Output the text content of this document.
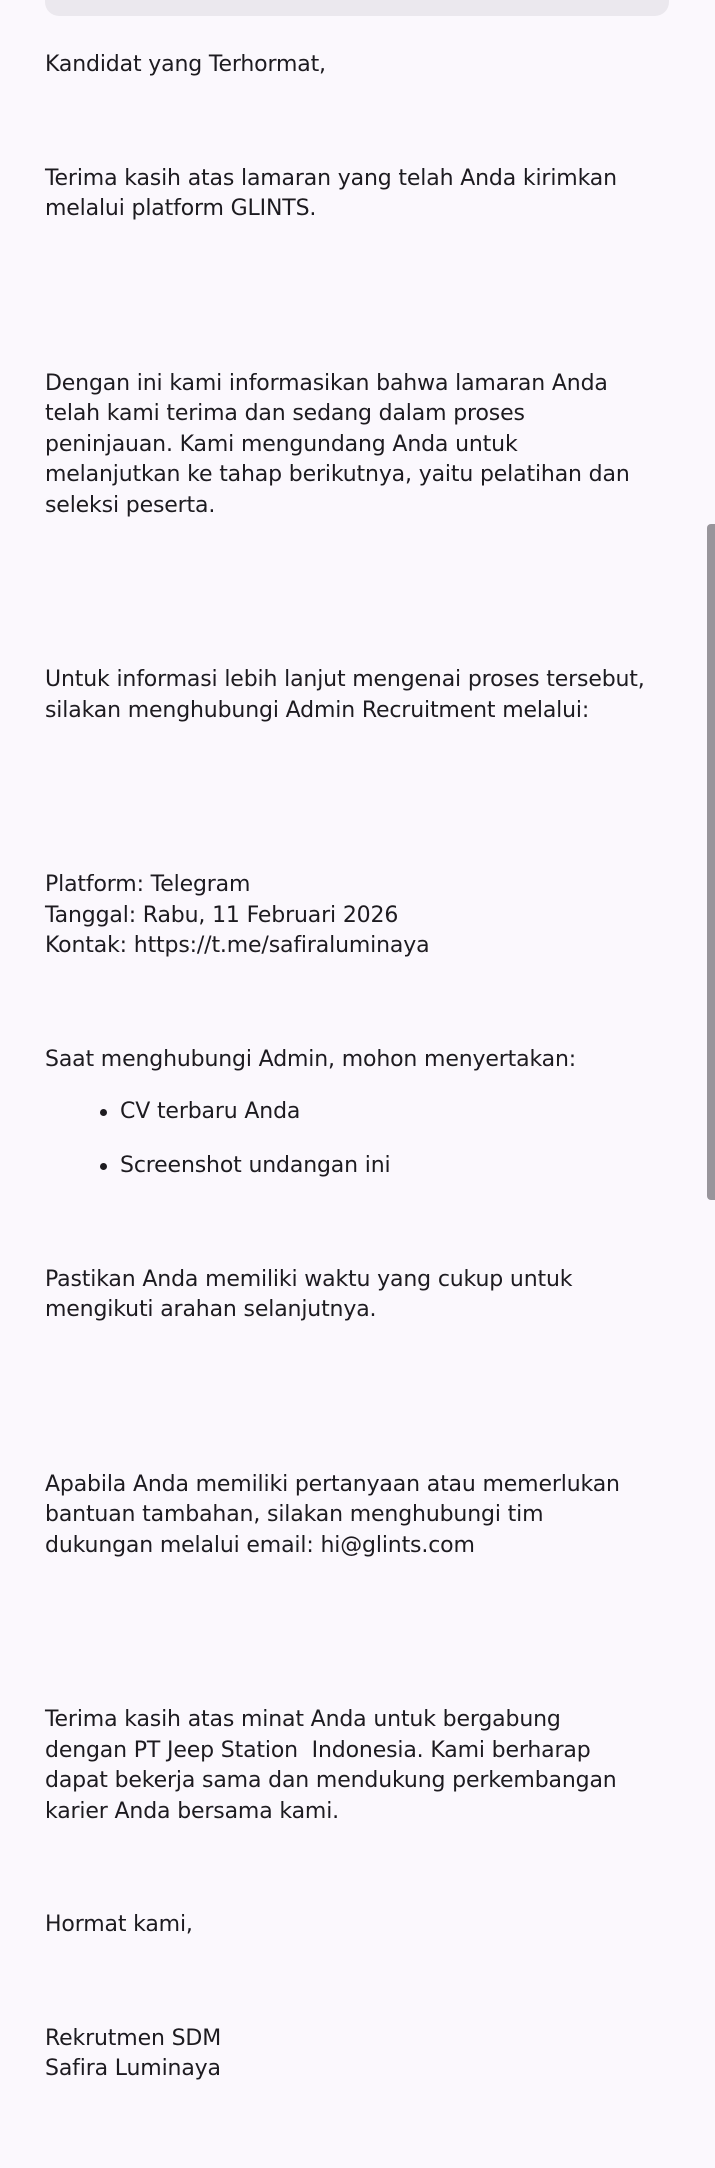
Kandidat yang Terhormat,

Terima kasih atas lamaran yang telah Anda kirimkan
melalui platform GLINTS.

Dengan ini kami informasikan bahwa lamaran Anda
telah kami terima dan sedang dalam proses
peninjauan. Kami mengundang Anda untuk
melanjutkan ke tahap berikutnya, yaitu pelatihan dan
seleksi peserta.

Untuk informasi lebih lanjut mengenai proses tersebut,
silakan menghubungi Admin Recruitment melalui:

Platform: Telegram
Tanggal: Rabu, 11 Februari 2026
Kontak: https://t.me/safiraluminaya

Saat menghubungi Admin, mohon menyertakan:

CV terbaru Anda
Screenshot undangan ini

Pastikan Anda memiliki waktu yang cukup untuk
mengikuti arahan selanjutnya.

Apabila Anda memiliki pertanyaan atau memerlukan
bantuan tambahan, silakan menghubungi tim
dukungan melalui email: hi@glints.com

Terima kasih atas minat Anda untuk bergabung
dengan PT Jeep Station  Indonesia. Kami berharap
dapat bekerja sama dan mendukung perkembangan
karier Anda bersama kami.

Hormat kami,

Rekrutmen SDM
Safira Luminaya
